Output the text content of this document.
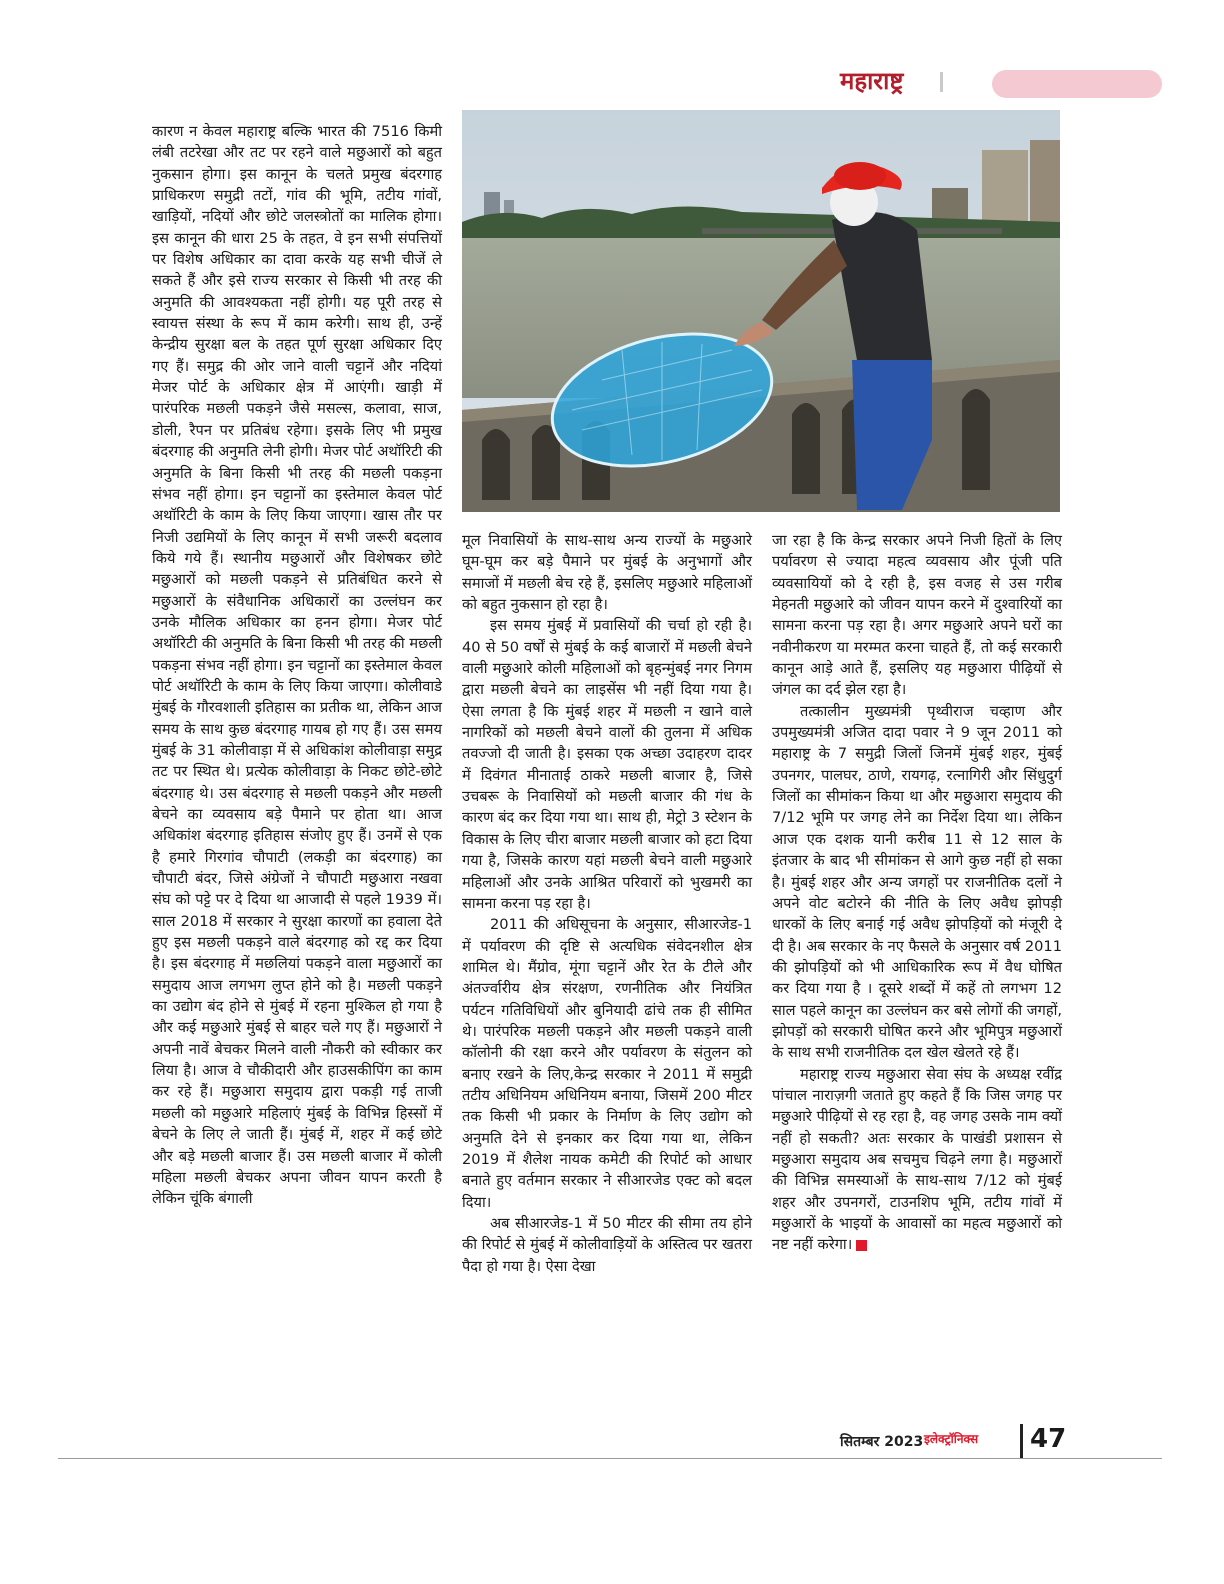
महाराष्ट्र

कारण न केवल महाराष्ट्र बल्कि भारत की 7516 किमी लंबी तटरेखा और तट पर रहने वाले मछुआरों को बहुत नुकसान होगा। इस कानून के चलते प्रमुख बंदरगाह प्राधिकरण समुद्री तटों, गांव की भूमि, तटीय गांवों, खाड़ियों, नदियों और छोटे जलस्त्रोतों का मालिक होगा। इस कानून की धारा 25 के तहत, वे इन सभी संपत्तियों पर विशेष अधिकार का दावा करके यह सभी चीजें ले सकते हैं और इसे राज्य सरकार से किसी भी तरह की अनुमति की आवश्यकता नहीं होगी। यह पूरी तरह से स्वायत्त संस्था के रूप में काम करेगी। साथ ही, उन्हें केन्द्रीय सुरक्षा बल के तहत पूर्ण सुरक्षा अधिकार दिए गए हैं। समुद्र की ओर जाने वाली चट्टानें और नदियां मेजर पोर्ट के अधिकार क्षेत्र में आएंगी। खाड़ी में पारंपरिक मछली पकड़ने जैसे मसल्स, कलावा, साज, डोली, रैपन पर प्रतिबंध रहेगा। इसके लिए भी प्रमुख बंदरगाह की अनुमति लेनी होगी। मेजर पोर्ट अथॉरिटी की अनुमति के बिना किसी भी तरह की मछली पकड़ना संभव नहीं होगा। इन चट्टानों का इस्तेमाल केवल पोर्ट अथॉरिटी के काम के लिए किया जाएगा। खास तौर पर निजी उद्यमियों के लिए कानून में सभी जरूरी बदलाव किये गये हैं। स्थानीय मछुआरों और विशेषकर छोटे मछुआरों को मछली पकड़ने से प्रतिबंधित करने से मछुआरों के संवैधानिक अधिकारों का उल्लंघन कर उनके मौलिक अधिकार का हनन होगा। मेजर पोर्ट अथॉरिटी की अनुमति के बिना किसी भी तरह की मछली पकड़ना संभव नहीं होगा। इन चट्टानों का इस्तेमाल केवल पोर्ट अथॉरिटी के काम के लिए किया जाएगा। कोलीवाडे मुंबई के गौरवशाली इतिहास का प्रतीक था, लेकिन आज समय के साथ कुछ बंदरगाह गायब हो गए हैं। उस समय मुंबई के 31 कोलीवाड़ा में से अधिकांश कोलीवाड़ा समुद्र तट पर स्थित थे। प्रत्येक कोलीवाड़ा के निकट छोटे-छोटे बंदरगाह थे। उस बंदरगाह से मछली पकड़ने और मछली बेचने का व्यवसाय बड़े पैमाने पर होता था। आज अधिकांश बंदरगाह इतिहास संजोए हुए हैं। उनमें से एक है हमारे गिरगांव चौपाटी (लकड़ी का बंदरगाह) का चौपाटी बंदर, जिसे अंग्रेजों ने चौपाटी मछुआरा नखवा संघ को पट्टे पर दे दिया था आजादी से पहले 1939 में। साल 2018 में सरकार ने सुरक्षा कारणों का हवाला देते हुए इस मछली पकड़ने वाले बंदरगाह को रद्द कर दिया है। इस बंदरगाह में मछलियां पकड़ने वाला मछुआरों का समुदाय आज लगभग लुप्त होने को है। मछली पकड़ने का उद्योग बंद होने से मुंबई में रहना मुश्किल हो गया है और कई मछुआरे मुंबई से बाहर चले गए हैं। मछुआरों ने अपनी नावें बेचकर मिलने वाली नौकरी को स्वीकार कर लिया है। आज वे चौकीदारी और हाउसकीपिंग का काम कर रहे हैं। मछुआरा समुदाय द्वारा पकड़ी गई ताजी मछली को मछुआरे महिलाएं मुंबई के विभिन्न हिस्सों में बेचने के लिए ले जाती हैं। मुंबई में, शहर में कई छोटे और बड़े मछली बाजार हैं। उस मछली बाजार में कोली महिला मछली बेचकर अपना जीवन यापन करती है लेकिन चूंकि बंगाली

मूल निवासियों के साथ-साथ अन्य राज्यों के मछुआरे घूम-घूम कर बड़े पैमाने पर मुंबई के अनुभागों और समाजों में मछली बेच रहे हैं, इसलिए मछुआरे महिलाओं को बहुत नुकसान हो रहा है।

इस समय मुंबई में प्रवासियों की चर्चा हो रही है। 40 से 50 वर्षों से मुंबई के कई बाजारों में मछली बेचने वाली मछुआरे कोली महिलाओं को बृहन्मुंबई नगर निगम द्वारा मछली बेचने का लाइसेंस भी नहीं दिया गया है। ऐसा लगता है कि मुंबई शहर में मछली न खाने वाले नागरिकों को मछली बेचने वालों की तुलना में अधिक तवज्जो दी जाती है। इसका एक अच्छा उदाहरण दादर में दिवंगत मीनाताई ठाकरे मछली बाजार है, जिसे उचबरू के निवासियों को मछली बाजार की गंध के कारण बंद कर दिया गया था। साथ ही, मेट्रो 3 स्टेशन के विकास के लिए चीरा बाजार मछली बाजार को हटा दिया गया है, जिसके कारण यहां मछली बेचने वाली मछुआरे महिलाओं और उनके आश्रित परिवारों को भुखमरी का सामना करना पड़ रहा है।

2011 की अधिसूचना के अनुसार, सीआरजेड-1 में पर्यावरण की दृष्टि से अत्यधिक संवेदनशील क्षेत्र शामिल थे। मैंग्रोव, मूंगा चट्टानें और रेत के टीले और अंतर्ज्वारीय क्षेत्र संरक्षण, रणनीतिक और नियंत्रित पर्यटन गतिविधियों और बुनियादी ढांचे तक ही सीमित थे। पारंपरिक मछली पकड़ने और मछली पकड़ने वाली कॉलोनी की रक्षा करने और पर्यावरण के संतुलन को बनाए रखने के लिए,केन्द्र सरकार ने 2011 में समुद्री तटीय अधिनियम अधिनियम बनाया, जिसमें 200 मीटर तक किसी भी प्रकार के निर्माण के लिए उद्योग को अनुमति देने से इनकार कर दिया गया था, लेकिन 2019 में शैलेश नायक कमेटी की रिपोर्ट को आधार बनाते हुए वर्तमान सरकार ने सीआरजेड एक्ट को बदल दिया।

अब सीआरजेड-1 में 50 मीटर की सीमा तय होने की रिपोर्ट से मुंबई में कोलीवाड़ियों के अस्तित्व पर खतरा पैदा हो गया है। ऐसा देखा

जा रहा है कि केन्द्र सरकार अपने निजी हितों के लिए पर्यावरण से ज्यादा महत्व व्यवसाय और पूंजी पति व्यवसायियों को दे रही है, इस वजह से उस गरीब मेहनती मछुआरे को जीवन यापन करने में दुश्वारियों का सामना करना पड़ रहा है। अगर मछुआरे अपने घरों का नवीनीकरण या मरम्मत करना चाहते हैं, तो कई सरकारी कानून आड़े आते हैं, इसलिए यह मछुआरा पीढ़ियों से जंगल का दर्द झेल रहा है।

तत्कालीन मुख्यमंत्री पृथ्वीराज चव्हाण और उपमुख्यमंत्री अजित दादा पवार ने 9 जून 2011 को महाराष्ट्र के 7 समुद्री जिलों जिनमें मुंबई शहर, मुंबई उपनगर, पालघर, ठाणे, रायगढ़, रत्नागिरी और सिंधुदुर्ग जिलों का सीमांकन किया था और मछुआरा समुदाय की 7/12 भूमि पर जगह लेने का निर्देश दिया था। लेकिन आज एक दशक यानी करीब 11 से 12 साल के इंतजार के बाद भी सीमांकन से आगे कुछ नहीं हो सका है। मुंबई शहर और अन्य जगहों पर राजनीतिक दलों ने अपने वोट बटोरने की नीति के लिए अवैध झोपड़ी धारकों के लिए बनाई गई अवैध झोपड़ियों को मंजूरी दे दी है। अब सरकार के नए फैसले के अनुसार वर्ष 2011 की झोपड़ियों को भी आधिकारिक रूप में वैध घोषित कर दिया गया है । दूसरे शब्दों में कहें तो लगभग 12 साल पहले कानून का उल्लंघन कर बसे लोगों की जगहों, झोपड़ों को सरकारी घोषित करने और भूमिपुत्र मछुआरों के साथ सभी राजनीतिक दल खेल खेलते रहे हैं।

महाराष्ट्र राज्य मछुआरा सेवा संघ के अध्यक्ष रवींद्र पांचाल नाराज़गी जताते हुए कहते हैं कि जिस जगह पर मछुआरे पीढ़ियों से रह रहा है, वह जगह उसके नाम क्यों नहीं हो सकती? अतः सरकार के पाखंडी प्रशासन से मछुआरा समुदाय अब सचमुच चिढ़ने लगा है। मछुआरों की विभिन्न समस्याओं के साथ-साथ 7/12 को मुंबई शहर और उपनगरों, टाउनशिप भूमि, तटीय गांवों में मछुआरों के भाइयों के आवासों का महत्व मछुआरों को नष्ट नहीं करेगा।

सितम्बर 2023 इलेक्ट्रॉनिक्स 47
